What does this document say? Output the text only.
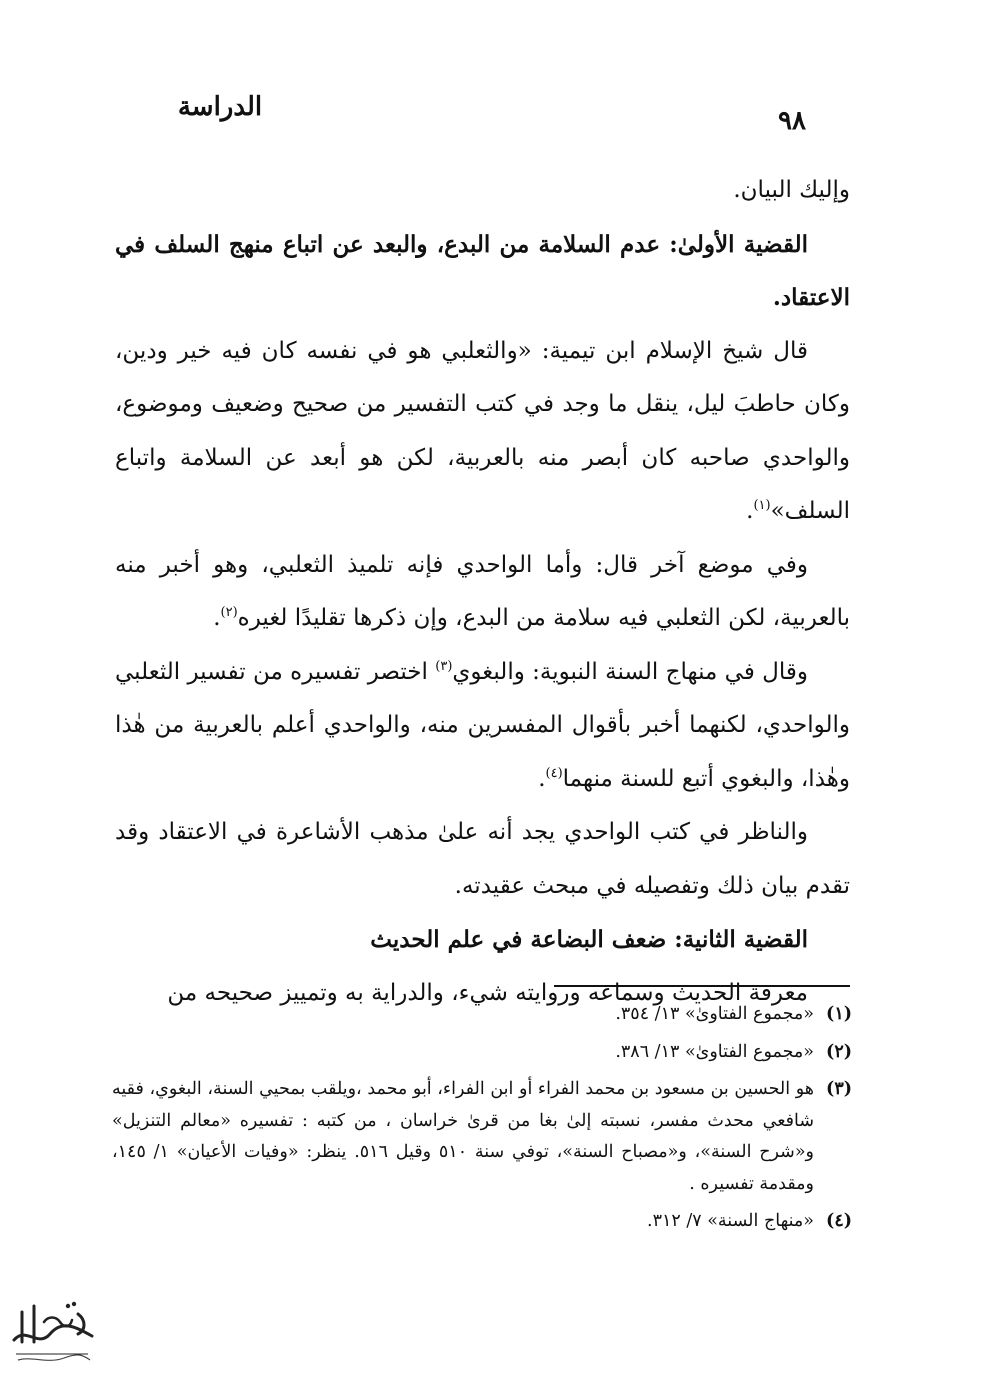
الدراسة	٩٨

وإليك البيان.

القضية الأولىٰ: عدم السلامة من البدع، والبعد عن اتباع منهج السلف في الاعتقاد.

قال شيخ الإسلام ابن تيمية: «والثعلبي هو في نفسه كان فيه خير ودين، وكان حاطبَ ليل، ينقل ما وجد في كتب التفسير من صحيح وضعيف وموضوع، والواحدي صاحبه كان أبصر منه بالعربية، لكن هو أبعد عن السلامة واتباع السلف»$^{(١)}$.

وفي موضع آخر قال: وأما الواحدي فإنه تلميذ الثعلبي، وهو أخبر منه بالعربية، لكن الثعلبي فيه سلامة من البدع، وإن ذكرها تقليدًا لغيره$^{(٢)}$.

وقال في منهاج السنة النبوية: والبغوي$^{(٣)}$ اختصر تفسيره من تفسير الثعلبي والواحدي، لكنهما أخبر بأقوال المفسرين منه، والواحدي أعلم بالعربية من هٰذا وهٰذا، والبغوي أتبع للسنة منهما$^{(٤)}$.

والناظر في كتب الواحدي يجد أنه علىٰ مذهب الأشاعرة في الاعتقاد وقد تقدم بيان ذلك وتفصيله في مبحث عقيدته.

القضية الثانية: ضعف البضاعة في علم الحديث

معرفة الحديث وسماعه وروايته شيء، والدراية به وتمييز صحيحه من

(١)
«مجموع الفتاوىٰ» ١٣/ ٣٥٤.
(٢)
«مجموع الفتاوىٰ» ١٣/ ٣٨٦.
(٣)
هو الحسين بن مسعود بن محمد الفراء أو ابن الفراء، أبو محمد ،ويلقب بمحيي السنة، البغوي، فقيه شافعي محدث مفسر، نسبته إلىٰ بغا من قرىٰ خراسان ، من كتبه : تفسيره «معالم التنزيل» و«شرح السنة»، و«مصباح السنة»، توفي سنة ٥١٠ وقيل ٥١٦. ينظر: «وفيات الأعيان» ١/ ١٤٥، ومقدمة تفسيره .
(٤)
«منهاج السنة» ٧/ ٣١٢.
